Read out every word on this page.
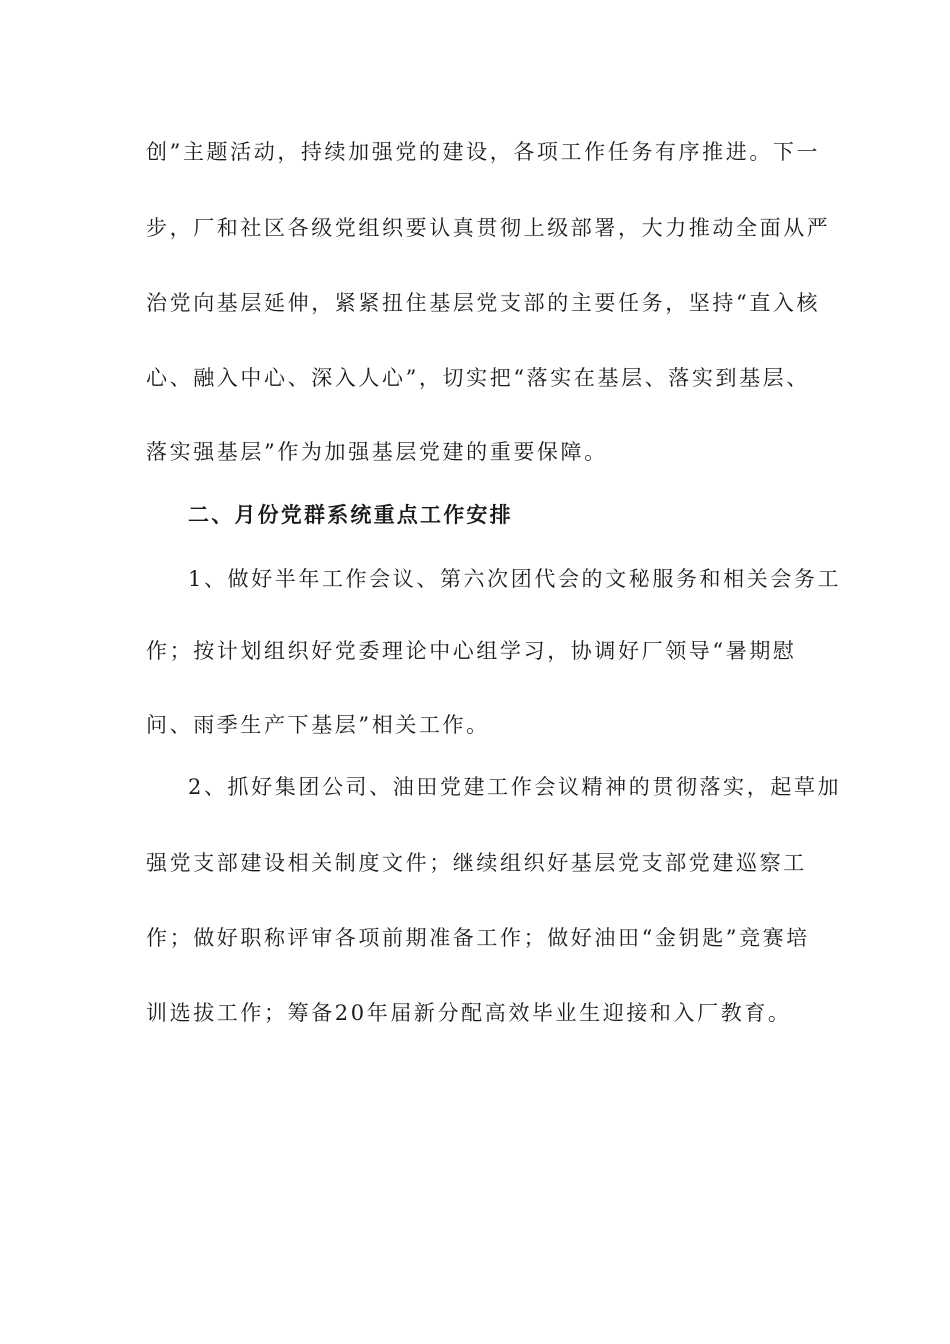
创”主题活动，持续加强党的建设，各项工作任务有序推进。下一
步，厂和社区各级党组织要认真贯彻上级部署，大力推动全面从严
治党向基层延伸，紧紧扭住基层党支部的主要任务，坚持“直入核
心、融入中心、深入人心”，切实把“落实在基层、落实到基层、
落实强基层”作为加强基层党建的重要保障。
二、月份党群系统重点工作安排
1、做好半年工作会议、第六次团代会的文秘服务和相关会务工
作；按计划组织好党委理论中心组学习，协调好厂领导“暑期慰
问、雨季生产下基层”相关工作。
2、抓好集团公司、油田党建工作会议精神的贯彻落实，起草加
强党支部建设相关制度文件；继续组织好基层党支部党建巡察工
作；做好职称评审各项前期准备工作；做好油田“金钥匙”竞赛培
训选拔工作；筹备20年届新分配高效毕业生迎接和入厂教育。
